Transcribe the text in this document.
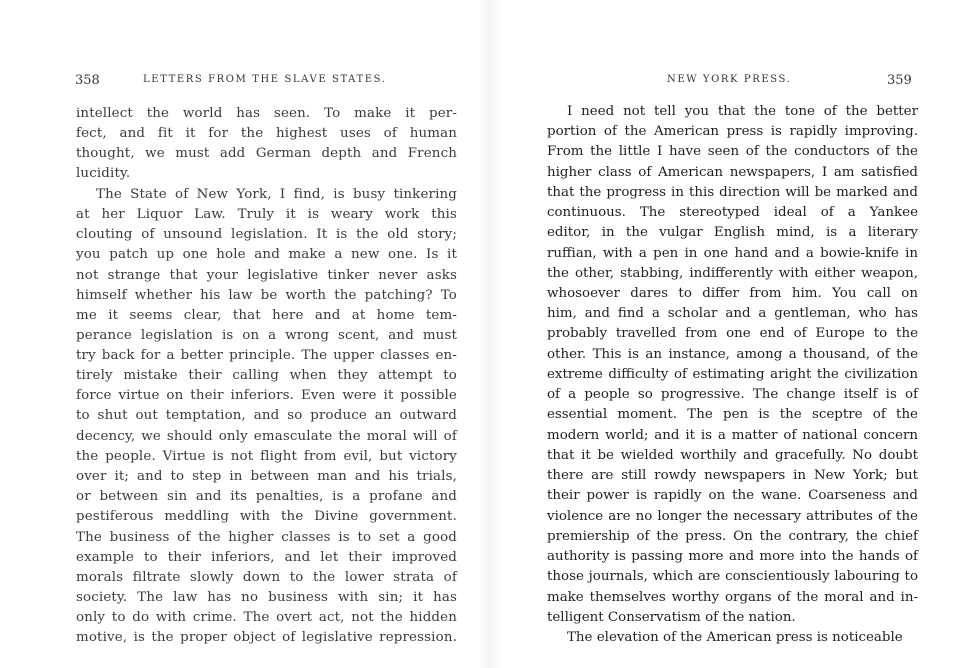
358	LETTERS FROM THE SLAVE STATES.
intellect the world has seen. To make it per-
fect, and fit it for the highest uses of human
thought, we must add German depth and French
lucidity.
The State of New York, I find, is busy tinkering
at her Liquor Law. Truly it is weary work this
clouting of unsound legislation. It is the old story;
you patch up one hole and make a new one. Is it
not strange that your legislative tinker never asks
himself whether his law be worth the patching? To
me it seems clear, that here and at home tem-
perance legislation is on a wrong scent, and must
try back for a better principle. The upper classes en-
tirely mistake their calling when they attempt to
force virtue on their inferiors. Even were it possible
to shut out temptation, and so produce an outward
decency, we should only emasculate the moral will of
the people. Virtue is not flight from evil, but victory
over it; and to step in between man and his trials,
or between sin and its penalties, is a profane and
pestiferous meddling with the Divine government.
The business of the higher classes is to set a good
example to their inferiors, and let their improved
morals filtrate slowly down to the lower strata of
society. The law has no business with sin; it has
only to do with crime. The overt act, not the hidden
motive, is the proper object of legislative repression.
NEW YORK PRESS.	359
I need not tell you that the tone of the better
portion of the American press is rapidly improving.
From the little I have seen of the conductors of the
higher class of American newspapers, I am satisfied
that the progress in this direction will be marked and
continuous. The stereotyped ideal of a Yankee
editor, in the vulgar English mind, is a literary
ruffian, with a pen in one hand and a bowie-knife in
the other, stabbing, indifferently with either weapon,
whosoever dares to differ from him. You call on
him, and find a scholar and a gentleman, who has
probably travelled from one end of Europe to the
other. This is an instance, among a thousand, of the
extreme difficulty of estimating aright the civilization
of a people so progressive. The change itself is of
essential moment. The pen is the sceptre of the
modern world; and it is a matter of national concern
that it be wielded worthily and gracefully. No doubt
there are still rowdy newspapers in New York; but
their power is rapidly on the wane. Coarseness and
violence are no longer the necessary attributes of the
premiership of the press. On the contrary, the chief
authority is passing more and more into the hands of
those journals, which are conscientiously labouring to
make themselves worthy organs of the moral and in-
telligent Conservatism of the nation.
The elevation of the American press is noticeable
